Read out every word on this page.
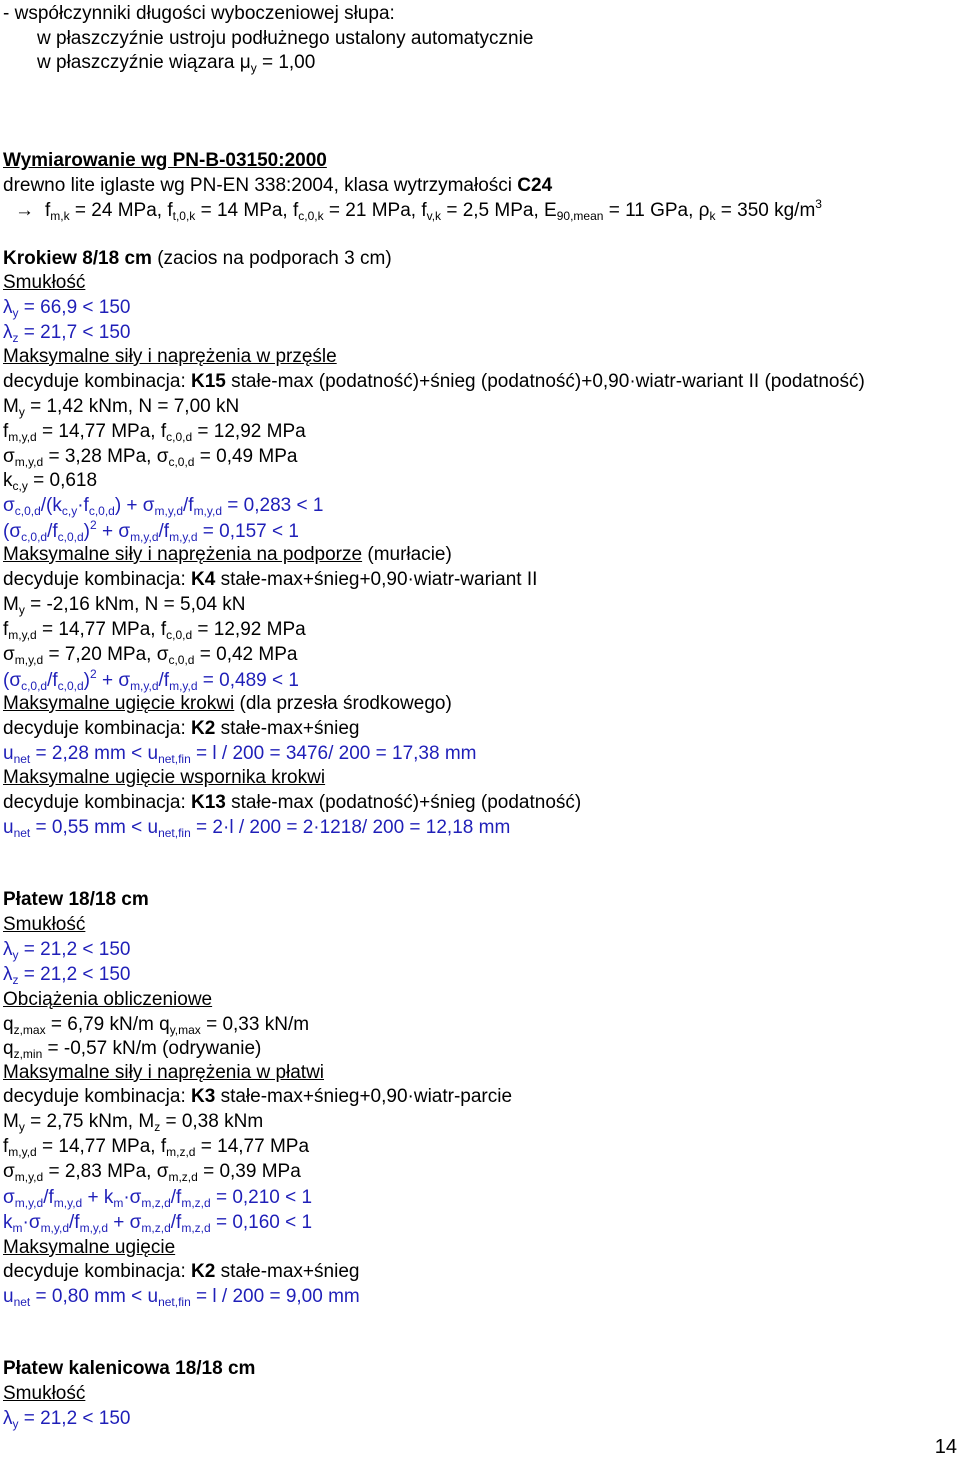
- współczynniki długości wyboczeniowej słupa:
w płaszczyźnie ustroju podłużnego ustalony automatycznie
w płaszczyźnie wiązara $\mu_y = 1,00$
Wymiarowanie wg PN-B-03150:2000
drewno lite iglaste wg PN-EN 338:2004, klasa wytrzymałości C24
→ $f_{m,k} = 24$ MPa, $f_{t,0,k} = 14$ MPa, $f_{c,0,k} = 21$ MPa, $f_{v,k} = 2,5$ MPa, $E_{90,mean} = 11$ GPa, $\rho_k = 350$ $kg/m^3$
Krokiew 8/18 cm (zacios na podporach 3 cm)
Smukłość
$\lambda_y = 66,9 < 150$
$\lambda_z = 21,7 < 150$
Maksymalne siły i naprężenia w przęśle
decyduje kombinacja: K15 stałe-max (podatność)+śnieg (podatność)+0,90·wiatr-wariant II (podatność)
$M_y = 1,42$ kNm, N = 7,00 kN
$f_{m,y,d} = 14,77$ MPa, $f_{c,0,d} = 12,92$ MPa
$\sigma_{m,y,d} = 3,28$ MPa, $\sigma_{c,0,d} = 0,49$ MPa
$k_{c,y} = 0,618$
$\sigma_{c,0,d}/(k_{c,y}\cdot f_{c,0,d}) + \sigma_{m,y,d}/f_{m,y,d} = 0,283 < 1$
$(\sigma_{c,0,d}/f_{c,0,d})^2 + \sigma_{m,y,d}/f_{m,y,d} = 0,157 < 1$
Maksymalne siły i naprężenia na podporze (murłacie)
decyduje kombinacja: K4 stałe-max+śnieg+0,90·wiatr-wariant II
$M_y = -2,16$ kNm, N = 5,04 kN
$f_{m,y,d} = 14,77$ MPa, $f_{c,0,d} = 12,92$ MPa
$\sigma_{m,y,d} = 7,20$ MPa, $\sigma_{c,0,d} = 0,42$ MPa
$(\sigma_{c,0,d}/f_{c,0,d})^2 + \sigma_{m,y,d}/f_{m,y,d} = 0,489 < 1$
Maksymalne ugięcie krokwi (dla przesła środkowego)
decyduje kombinacja: K2 stałe-max+śnieg
$u_{net} = 2,28$ mm < $u_{net,fin} = l / 200 = 3476/$ 200 = 17,38 mm
Maksymalne ugięcie wspornika krokwi
decyduje kombinacja: K13 stałe-max (podatność)+śnieg (podatność)
$u_{net} = 0,55$ mm < $u_{net,fin} = 2\cdot l / 200 = 2\cdot 1218/$ 200 = 12,18 mm
Płatew 18/18 cm
Smukłość
$\lambda_y = 21,2 < 150$
$\lambda_z = 21,2 < 150$
Obciążenia obliczeniowe
$q_{z,max} = 6,79$ kN/m $q_{y,max} = 0,33$ kN/m
$q_{z,min} = -0,57$ kN/m (odrywanie)
Maksymalne siły i naprężenia w płatwi
decyduje kombinacja: K3 stałe-max+śnieg+0,90·wiatr-parcie
$M_y = 2,75$ kNm, $M_z = 0,38$ kNm
$f_{m,y,d} = 14,77$ MPa, $f_{m,z,d} = 14,77$ MPa
$\sigma_{m,y,d} = 2,83$ MPa, $\sigma_{m,z,d} = 0,39$ MPa
$\sigma_{m,y,d}/f_{m,y,d} + k_m\cdot\sigma_{m,z,d}/f_{m,z,d} = 0,210 < 1$
$k_m\cdot\sigma_{m,y,d}/f_{m,y,d} + \sigma_{m,z,d}/f_{m,z,d} = 0,160 < 1$
Maksymalne ugięcie
decyduje kombinacja: K2 stałe-max+śnieg
$u_{net} = 0,80$ mm < $u_{net,fin} = l / 200 = 9,00$ mm
Płatew kalenicowa 18/18 cm
Smukłość
$\lambda_y = 21,2 < 150$
14
